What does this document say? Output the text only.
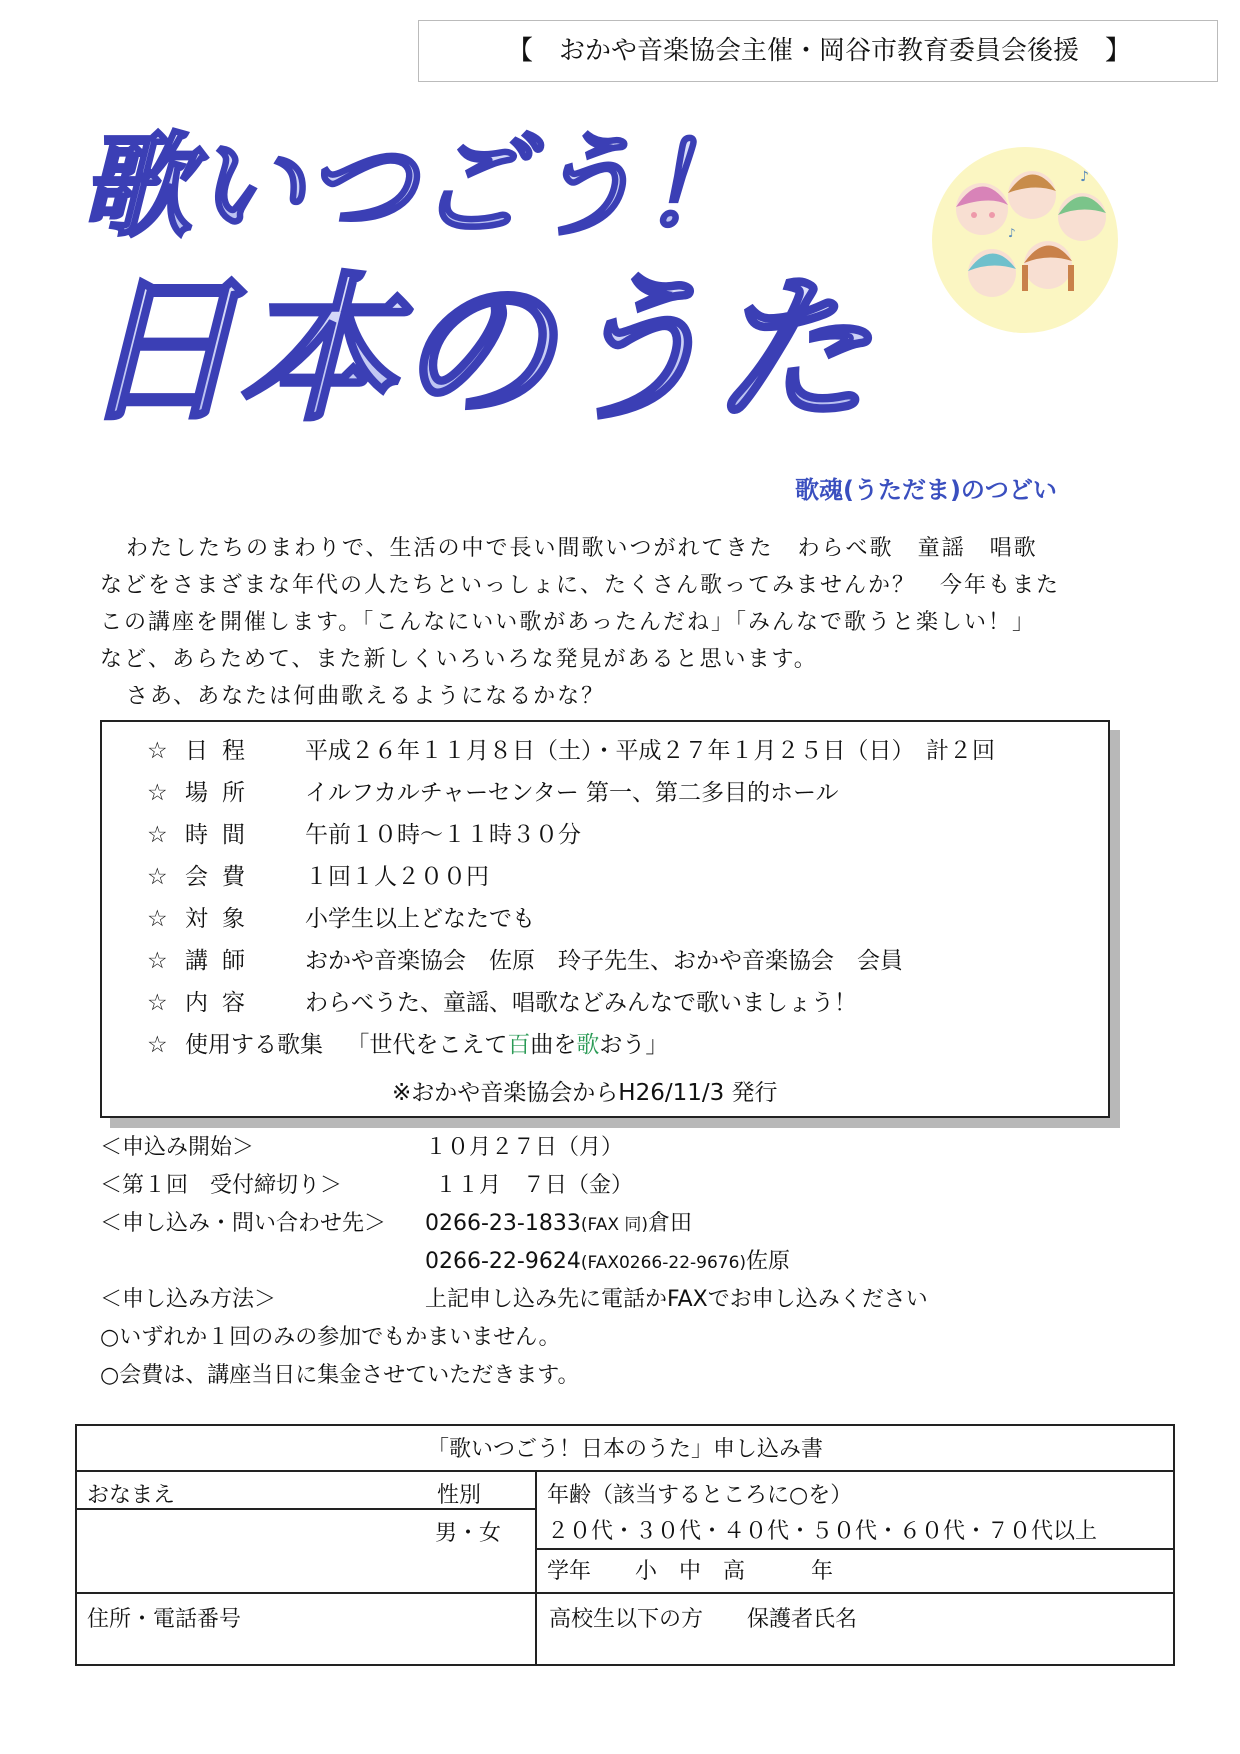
【　おかや音楽協会主催・岡谷市教育委員会後援　】
歌いつごう！
日本のうた
♪
♪
歌魂(うただま)のつどい

わたしたちのまわりで、生活の中で長い間歌いつがれてきた　わらべ歌　童謡　唱歌

などをさまざまな年代の人たちといっしょに、たくさん歌ってみませんか？　今年もまた

この講座を開催します。「こんなにいい歌があったんだね」「みんなで歌うと楽しい！」

など、あらためて、また新しくいろいろな発見があると思います。

さあ、あなたは何曲歌えるようになるかな？

☆ 日程 平成２６年１１月８日（土）・平成２７年１月２５日（日）　計２回
☆ 場所 イルフカルチャーセンター 第一、第二多目的ホール
☆ 時間 午前１０時～１１時３０分
☆ 会費 １回１人２００円
☆ 対象 小学生以上どなたでも
☆ 講師 おかや音楽協会　佐原　玲子先生、おかや音楽協会　会員
☆ 内容 わらべうた、童謡、唱歌などみんなで歌いましょう！
☆ 使用する歌集 「世代をこえて百曲を歌おう」
※おかや音楽協会からH26/11/3 発行
＜申込み開始＞	１０月２７日（月）
＜第１回　受付締切り＞	１１月　７日（金）
＜申し込み・問い合わせ先＞ 0266-23-1833(FAX 同)倉田
0266-22-9624(FAX0266-22-9676)佐原
＜申し込み方法＞	上記申し込み先に電話かFAXでお申し込みください
○いずれか１回のみの参加でもかまいません。
○会費は、講座当日に集金させていただきます。
「歌いつごう！日本のうた」申し込み書
おなまえ	性別
男・女
年齢（該当するところに○を）
２０代・３０代・４０代・５０代・６０代・７０代以上
学年　　小　中　高　　　年
住所・電話番号	高校生以下の方　　保護者氏名
